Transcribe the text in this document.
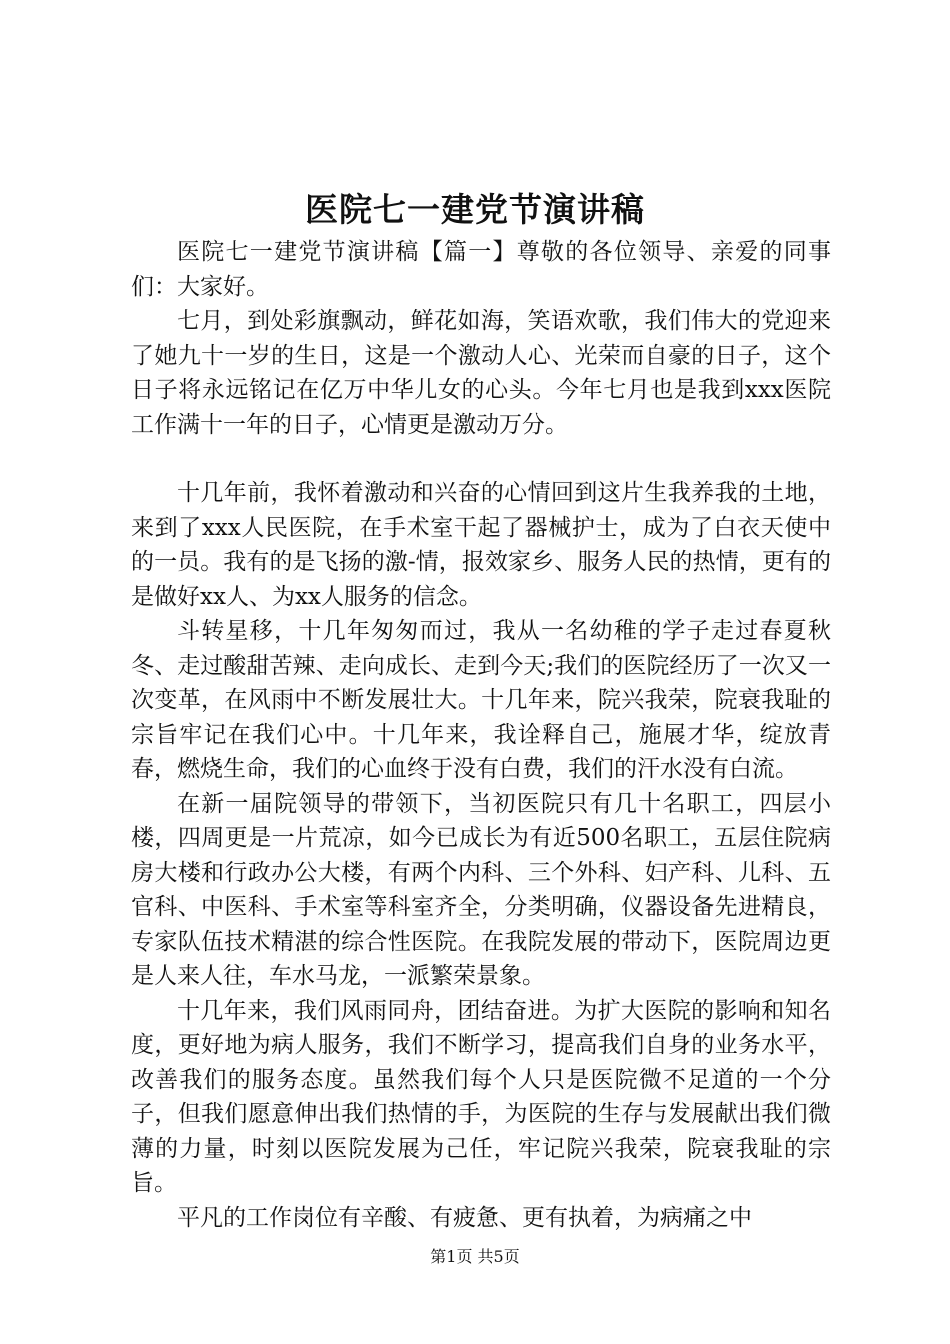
医院七一建党节演讲稿

医院七一建党节演讲稿【篇一】尊敬的各位领导、亲爱的同事们：大家好。

七月，到处彩旗飘动，鲜花如海，笑语欢歌，我们伟大的党迎来了她九十一岁的生日，这是一个激动人心、光荣而自豪的日子，这个日子将永远铭记在亿万中华儿女的心头。今年七月也是我到xxx医院工作满十一年的日子，心情更是激动万分。

十几年前，我怀着激动和兴奋的心情回到这片生我养我的土地，来到了xxx人民医院，在手术室干起了器械护士，成为了白衣天使中的一员。我有的是飞扬的激-情，报效家乡、服务人民的热情，更有的是做好xx人、为xx人服务的信念。

斗转星移，十几年匆匆而过，我从一名幼稚的学子走过春夏秋冬、走过酸甜苦辣、走向成长、走到今天;我们的医院经历了一次又一次变革，在风雨中不断发展壮大。十几年来，院兴我荣，院衰我耻的宗旨牢记在我们心中。十几年来，我诠释自己，施展才华，绽放青春，燃烧生命，我们的心血终于没有白费，我们的汗水没有白流。

在新一届院领导的带领下，当初医院只有几十名职工，四层小楼，四周更是一片荒凉，如今已成长为有近500名职工，五层住院病房大楼和行政办公大楼，有两个内科、三个外科、妇产科、儿科、五官科、中医科、手术室等科室齐全，分类明确，仪器设备先进精良，专家队伍技术精湛的综合性医院。在我院发展的带动下，医院周边更是人来人往，车水马龙，一派繁荣景象。

十几年来，我们风雨同舟，团结奋进。为扩大医院的影响和知名度，更好地为病人服务，我们不断学习，提高我们自身的业务水平，改善我们的服务态度。虽然我们每个人只是医院微不足道的一个分子，但我们愿意伸出我们热情的手，为医院的生存与发展献出我们微薄的力量，时刻以医院发展为己任，牢记院兴我荣，院衰我耻的宗旨。

平凡的工作岗位有辛酸、有疲惫、更有执着，为病痛之中

第1页 共5页
